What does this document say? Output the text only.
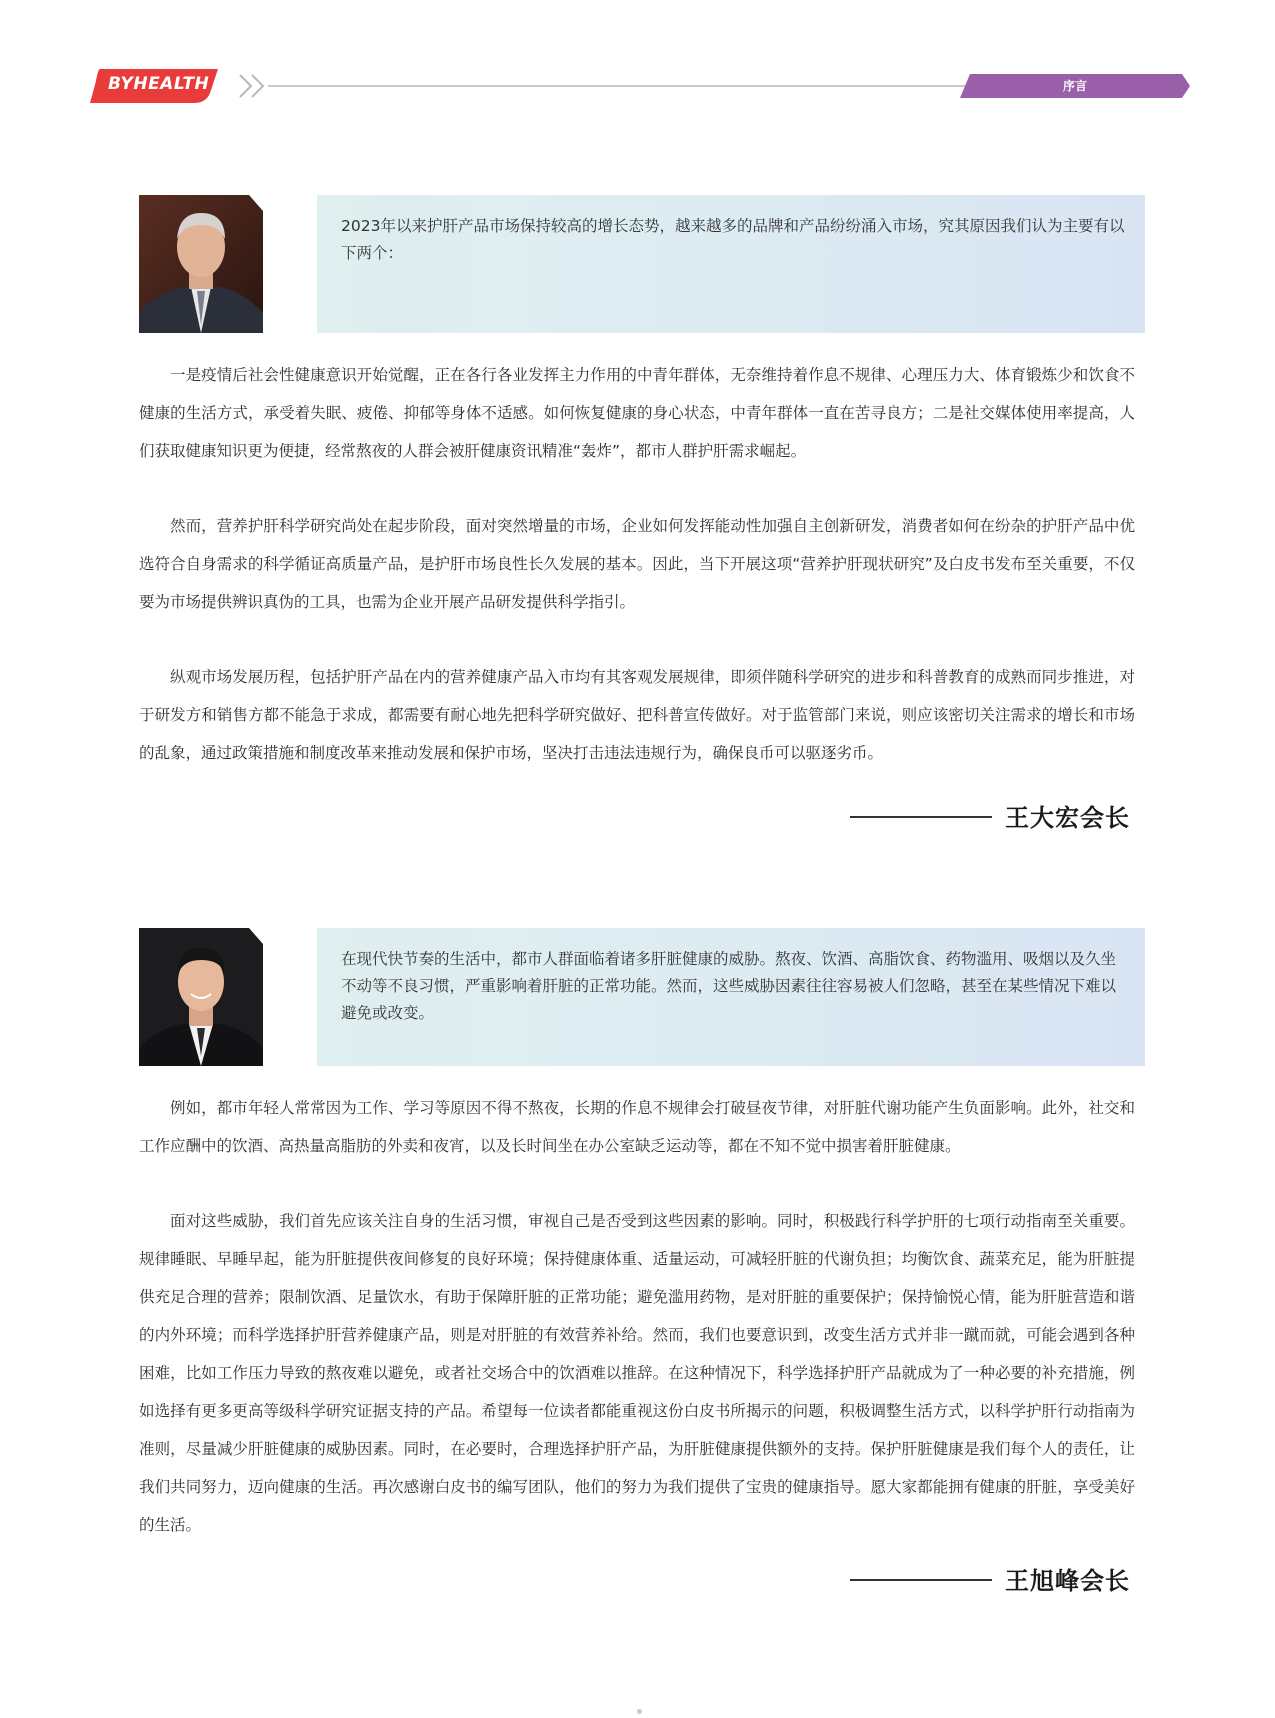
BYHEALTH	序言
2023年以来护肝产品市场保持较高的增长态势，越来越多的品牌和产品纷纷涌入市场，究其原因我们认为主要有以下两个：

一是疫情后社会性健康意识开始觉醒，正在各行各业发挥主力作用的中青年群体，无奈维持着作息不规律、心理压力大、体育锻炼少和饮食不健康的生活方式，承受着失眠、疲倦、抑郁等身体不适感。如何恢复健康的身心状态，中青年群体一直在苦寻良方；二是社交媒体使用率提高，人们获取健康知识更为便捷，经常熬夜的人群会被肝健康资讯精准“轰炸”，都市人群护肝需求崛起。

然而，营养护肝科学研究尚处在起步阶段，面对突然增量的市场，企业如何发挥能动性加强自主创新研发，消费者如何在纷杂的护肝产品中优选符合自身需求的科学循证高质量产品，是护肝市场良性长久发展的基本。因此，当下开展这项“营养护肝现状研究”及白皮书发布至关重要，不仅要为市场提供辨识真伪的工具，也需为企业开展产品研发提供科学指引。

纵观市场发展历程，包括护肝产品在内的营养健康产品入市均有其客观发展规律，即须伴随科学研究的进步和科普教育的成熟而同步推进，对于研发方和销售方都不能急于求成，都需要有耐心地先把科学研究做好、把科普宣传做好。对于监管部门来说，则应该密切关注需求的增长和市场的乱象，通过政策措施和制度改革来推动发展和保护市场，坚决打击违法违规行为，确保良币可以驱逐劣币。

王大宏会长
在现代快节奏的生活中，都市人群面临着诸多肝脏健康的威胁。熬夜、饮酒、高脂饮食、药物滥用、吸烟以及久坐不动等不良习惯，严重影响着肝脏的正常功能。然而，这些威胁因素往往容易被人们忽略，甚至在某些情况下难以避免或改变。

例如，都市年轻人常常因为工作、学习等原因不得不熬夜，长期的作息不规律会打破昼夜节律，对肝脏代谢功能产生负面影响。此外，社交和工作应酬中的饮酒、高热量高脂肪的外卖和夜宵，以及长时间坐在办公室缺乏运动等，都在不知不觉中损害着肝脏健康。

面对这些威胁，我们首先应该关注自身的生活习惯，审视自己是否受到这些因素的影响。同时，积极践行科学护肝的七项行动指南至关重要。规律睡眠、早睡早起，能为肝脏提供夜间修复的良好环境；保持健康体重、适量运动，可减轻肝脏的代谢负担；均衡饮食、蔬菜充足，能为肝脏提供充足合理的营养；限制饮酒、足量饮水，有助于保障肝脏的正常功能；避免滥用药物，是对肝脏的重要保护；保持愉悦心情，能为肝脏营造和谐的内外环境；而科学选择护肝营养健康产品，则是对肝脏的有效营养补给。然而，我们也要意识到，改变生活方式并非一蹴而就，可能会遇到各种困难，比如工作压力导致的熬夜难以避免，或者社交场合中的饮酒难以推辞。在这种情况下，科学选择护肝产品就成为了一种必要的补充措施，例如选择有更多更高等级科学研究证据支持的产品。希望每一位读者都能重视这份白皮书所揭示的问题，积极调整生活方式，以科学护肝行动指南为准则，尽量减少肝脏健康的威胁因素。同时，在必要时，合理选择护肝产品，为肝脏健康提供额外的支持。保护肝脏健康是我们每个人的责任，让我们共同努力，迈向健康的生活。再次感谢白皮书的编写团队，他们的努力为我们提供了宝贵的健康指导。愿大家都能拥有健康的肝脏，享受美好的生活。

王旭峰会长
